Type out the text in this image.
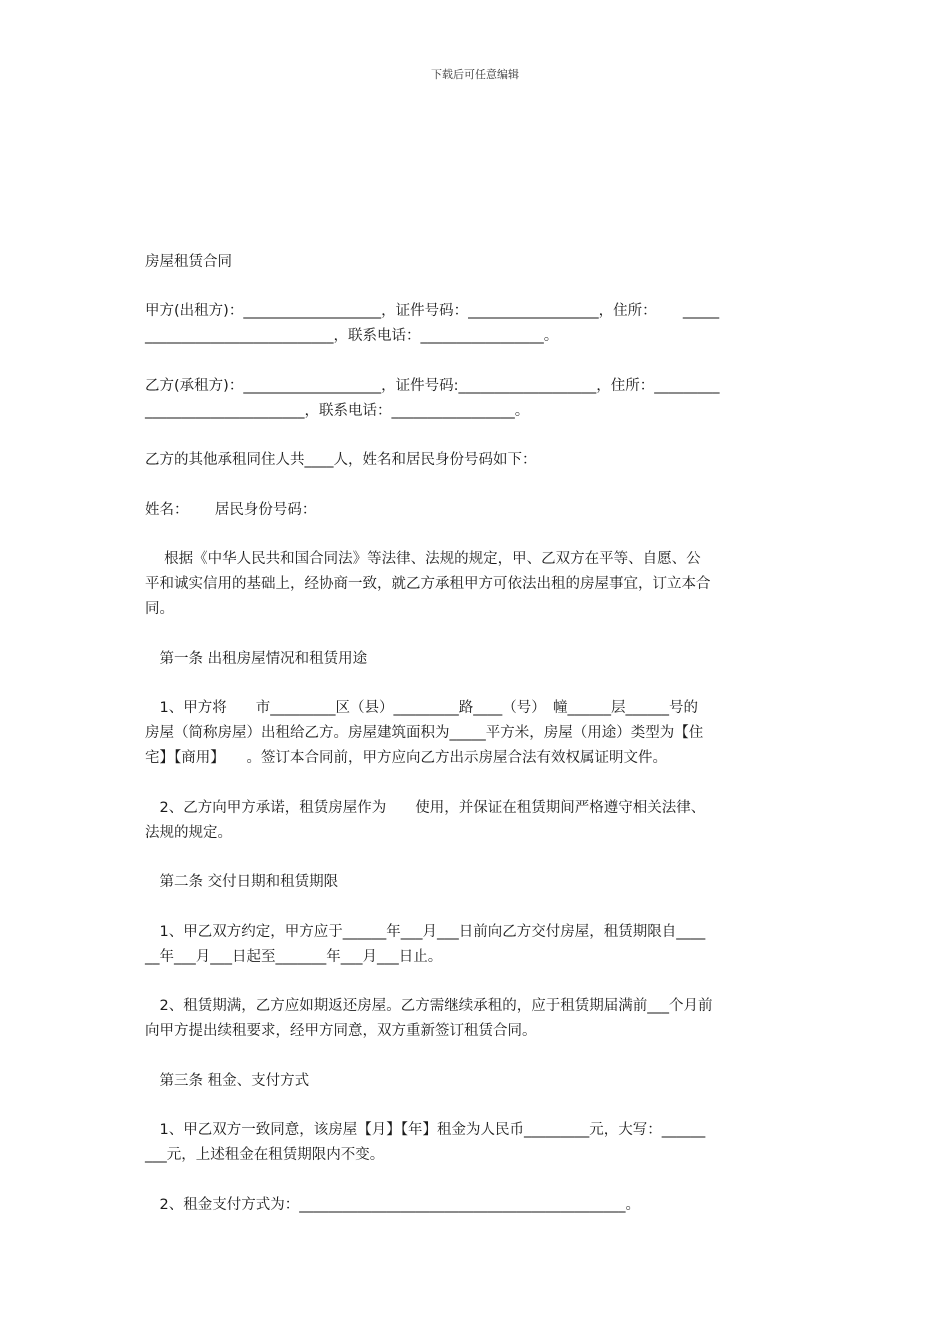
下载后可任意编辑
房屋租赁合同
甲方(出租方)：___________________，证件号码：__________________，住所：　　 _____
__________________________，联系电话：_________________。
乙方(承租方)：___________________，证件号码:___________________，住所：_________
______________________，联系电话：_________________。
乙方的其他承租同住人共____人，姓名和居民身份号码如下：
姓名：　　 居民身份号码：
　 根据《中华人民共和国合同法》等法律、法规的规定，甲、乙双方在平等、自愿、公
平和诚实信用的基础上，经协商一致，就乙方承租甲方可依法出租的房屋事宜，订立本合
同。
　第一条 出租房屋情况和租赁用途
　1、甲方将　　市_________区（县）_________路____（号）　幢______层______号的
房屋（简称房屋）出租给乙方。房屋建筑面积为_____平方米，房屋（用途）类型为【住
宅】【商用】　　。签订本合同前，甲方应向乙方出示房屋合法有效权属证明文件。
　2、乙方向甲方承诺，租赁房屋作为　　使用，并保证在租赁期间严格遵守相关法律、
法规的规定。
　第二条 交付日期和租赁期限
　1、甲乙双方约定，甲方应于______年___月___日前向乙方交付房屋，租赁期限自____
__年___月___日起至_______年___月___日止。
　2、租赁期满，乙方应如期返还房屋。乙方需继续承租的，应于租赁期届满前___个月前
向甲方提出续租要求，经甲方同意，双方重新签订租赁合同。
　第三条 租金、支付方式
　1、甲乙双方一致同意，该房屋【月】【年】租金为人民币_________元，大写：______
___元，上述租金在租赁期限内不变。
　2、租金支付方式为：_____________________________________________。
